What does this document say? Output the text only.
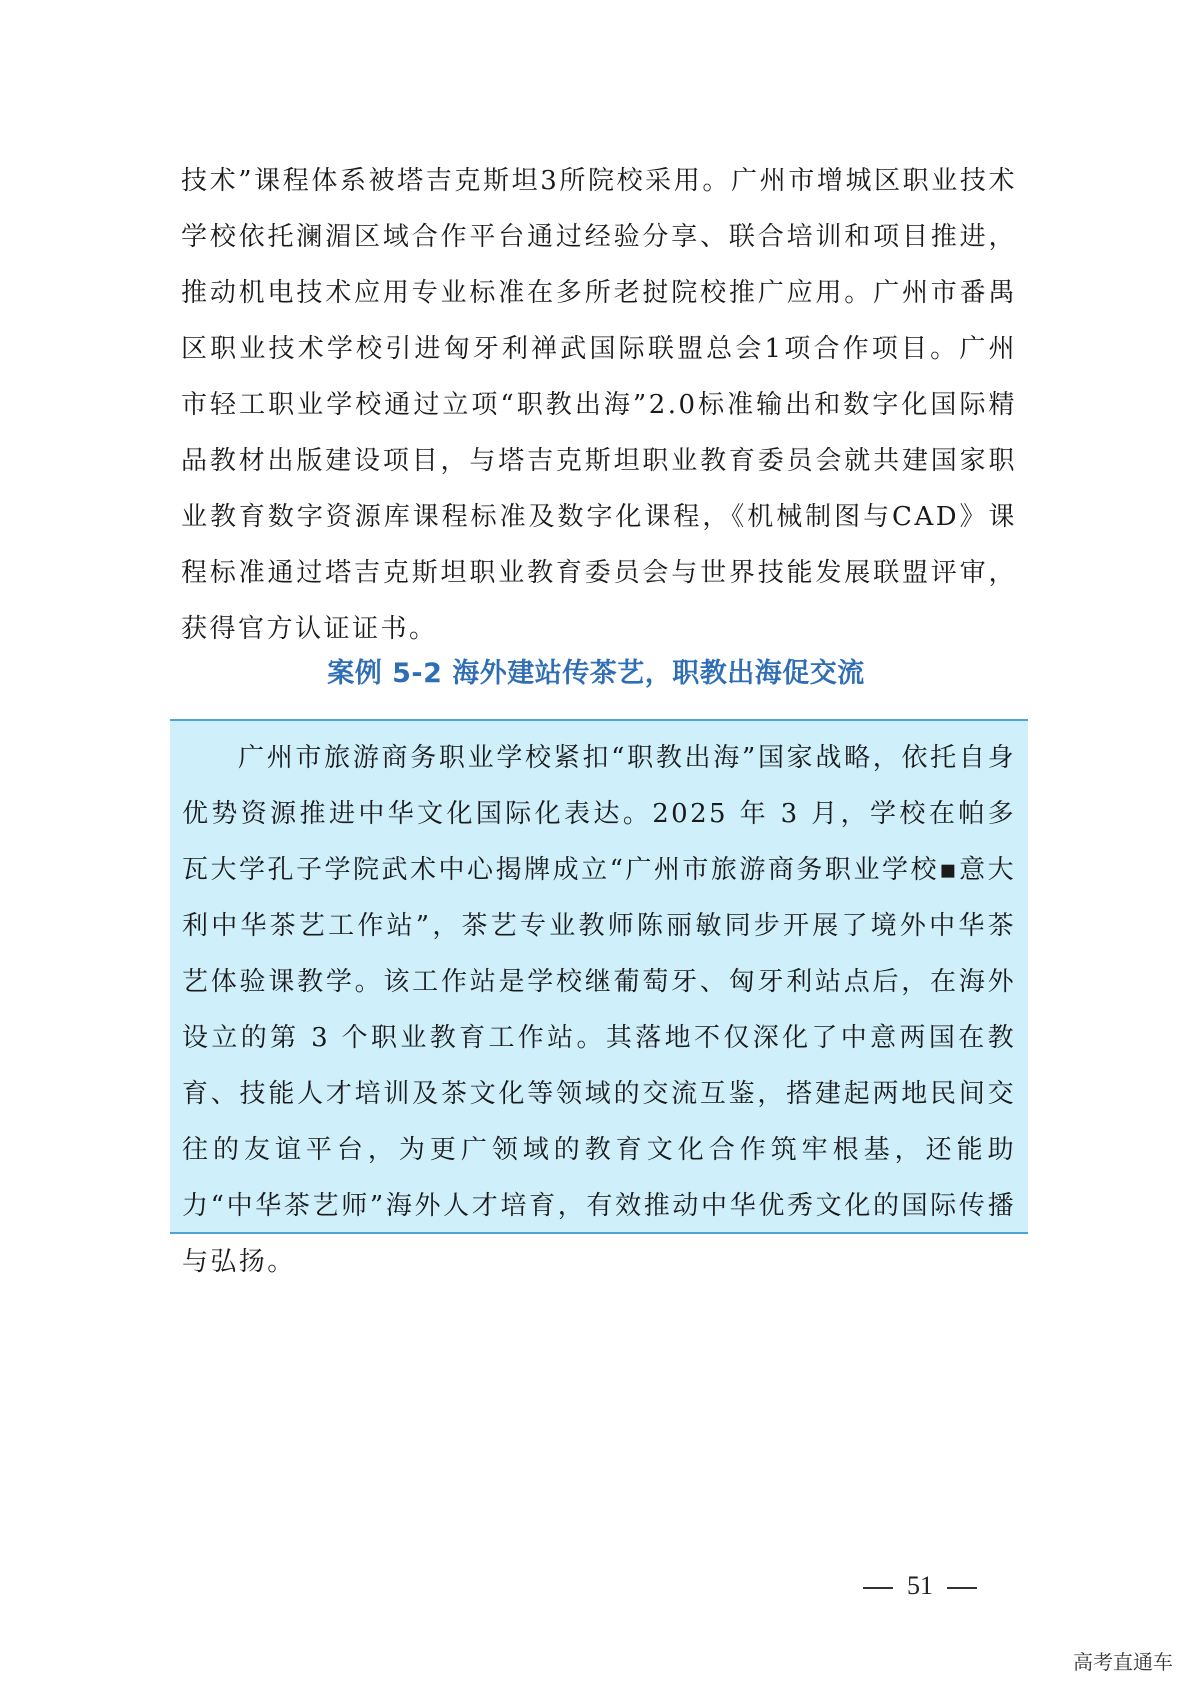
技术”课程体系被塔吉克斯坦3所院校采用。广州市增城区职业技术学校依托澜湄区域合作平台通过经验分享、联合培训和项目推进，推动机电技术应用专业标准在多所老挝院校推广应用。广州市番禺区职业技术学校引进匈牙利禅武国际联盟总会1项合作项目。广州市轻工职业学校通过立项“职教出海”2.0标准输出和数字化国际精品教材出版建设项目，与塔吉克斯坦职业教育委员会就共建国家职业教育数字资源库课程标准及数字化课程，《机械制图与CAD》课程标准通过塔吉克斯坦职业教育委员会与世界技能发展联盟评审，获得官方认证证书。

案例 5-2 海外建站传茶艺，职教出海促交流

广州市旅游商务职业学校紧扣“职教出海”国家战略，依托自身优势资源推进中华文化国际化表达。2025 年 3 月，学校在帕多瓦大学孔子学院武术中心揭牌成立“广州市旅游商务职业学校▪意大利中华茶艺工作站”，茶艺专业教师陈丽敏同步开展了境外中华茶艺体验课教学。该工作站是学校继葡萄牙、匈牙利站点后，在海外设立的第 3 个职业教育工作站。其落地不仅深化了中意两国在教育、技能人才培训及茶文化等领域的交流互鉴，搭建起两地民间交往的友谊平台，为更广领域的教育文化合作筑牢根基，还能助力“中华茶艺师”海外人才培育，有效推动中华优秀文化的国际传播与弘扬。

51
高考直通车
